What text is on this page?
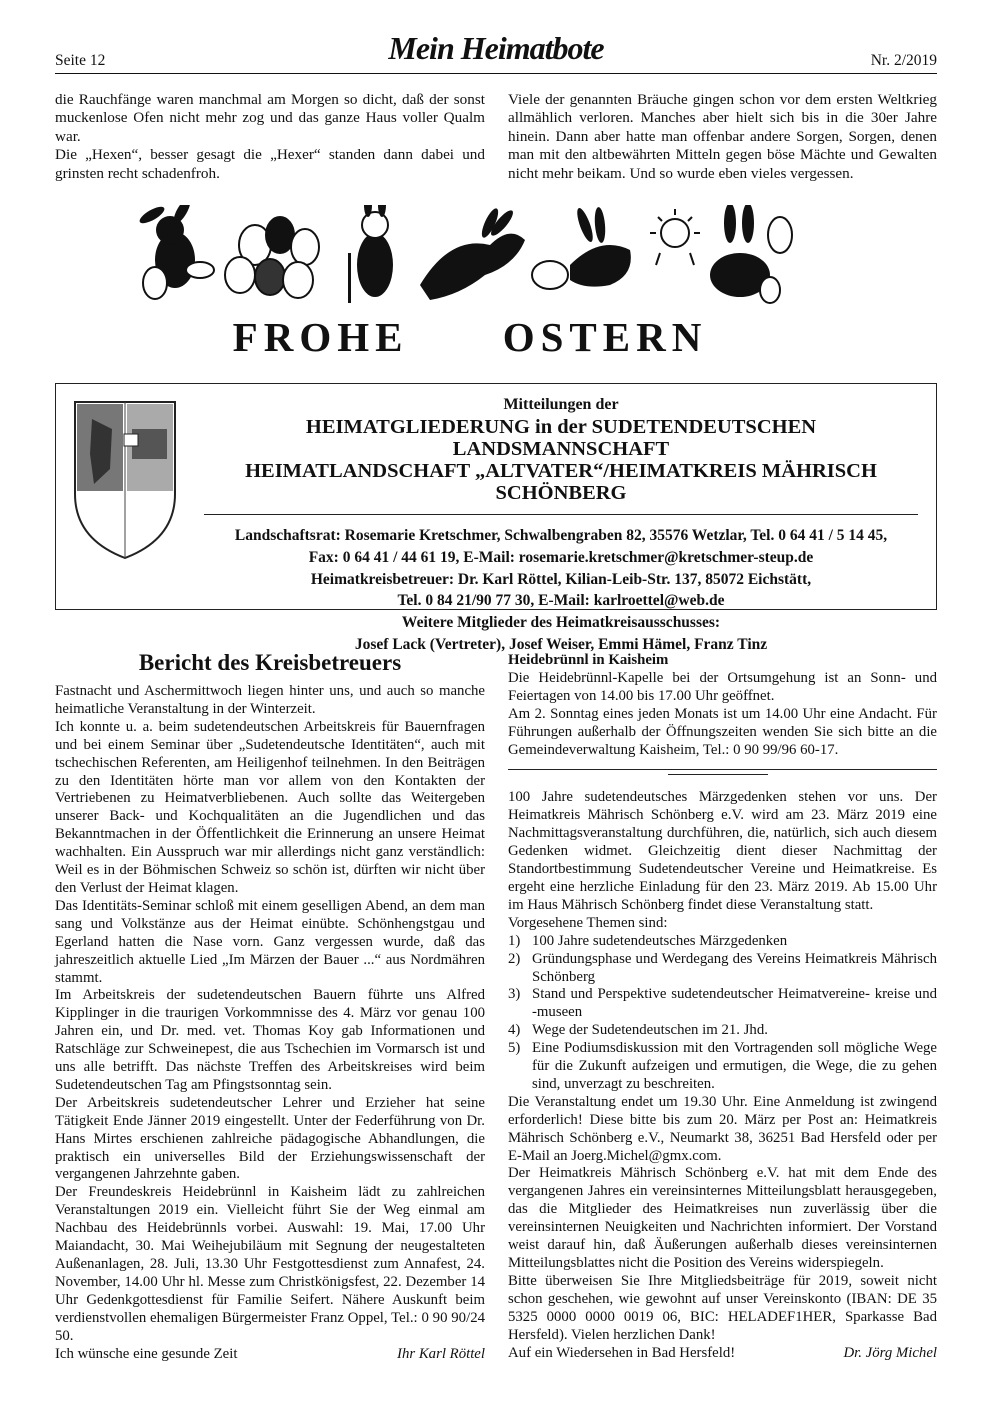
Seite 12	Mein Heimatbote	Nr. 2/2019

die Rauchfänge waren manchmal am Morgen so dicht, daß der sonst muckenlose Ofen nicht mehr zog und das ganze Haus voller Qualm war.

Die „Hexen“, besser gesagt die „Hexer“ standen dann dabei und grinsten recht schadenfroh.

Viele der genannten Bräuche gingen schon vor dem ersten Weltkrieg allmählich verloren. Manches aber hielt sich bis in die 30er Jahre hinein. Dann aber hatte man offenbar andere Sorgen, Sorgen, denen man mit den altbewährten Mitteln gegen böse Mächte und Gewalten nicht mehr beikam. Und so wurde eben vieles vergessen.

FROHE OSTERN
Mitteilungen der
HEIMATGLIEDERUNG in der SUDETENDEUTSCHEN LANDSMANNSCHAFT
HEIMATLANDSCHAFT „ALTVATER“/HEIMATKREIS MÄHRISCH SCHÖNBERG
Landschaftsrat: Rosemarie Kretschmer, Schwalbengraben 82, 35576 Wetzlar, Tel. 0 64 41 / 5 14 45,
Fax: 0 64 41 / 44 61 19, E-Mail: rosemarie.kretschmer@kretschmer-steup.de
Heimatkreisbetreuer: Dr. Karl Röttel, Kilian-Leib-Str. 137, 85072 Eichstätt,
Tel. 0 84 21/90 77 30, E-Mail: karlroettel@web.de
Weitere Mitglieder des Heimatkreisausschusses:
Josef Lack (Vertreter), Josef Weiser, Emmi Hämel, Franz Tinz
Bericht des Kreisbetreuers

Fastnacht und Aschermittwoch liegen hinter uns, und auch so manche heimatliche Veranstaltung in der Winterzeit.

Ich konnte u. a. beim sudetendeutschen Arbeitskreis für Bauernfragen und bei einem Seminar über „Sudetendeutsche Identitäten“, auch mit tschechischen Referenten, am Heiligenhof teilnehmen. In den Beiträgen zu den Identitäten hörte man vor allem von den Kontakten der Vertriebenen zu Heimatverbliebenen. Auch sollte das Weitergeben unserer Back- und Kochqualitäten an die Jugendlichen und das Bekanntmachen in der Öffentlichkeit die Erinnerung an unsere Heimat wachhalten. Ein Ausspruch war mir allerdings nicht ganz verständlich: Weil es in der Böhmischen Schweiz so schön ist, dürften wir nicht über den Verlust der Heimat klagen.

Das Identitäts-Seminar schloß mit einem geselligen Abend, an dem man sang und Volkstänze aus der Heimat einübte. Schönhengstgau und Egerland hatten die Nase vorn. Ganz vergessen wurde, daß das jahreszeitlich aktuelle Lied „Im Märzen der Bauer ...“ aus Nordmähren stammt.

Im Arbeitskreis der sudetendeutschen Bauern führte uns Alfred Kipplinger in die traurigen Vorkommnisse des 4. März vor genau 100 Jahren ein, und Dr. med. vet. Thomas Koy gab Informationen und Ratschläge zur Schweinepest, die aus Tschechien im Vormarsch ist und uns alle betrifft. Das nächste Treffen des Arbeitskreises wird beim Sudetendeutschen Tag am Pfingstsonntag sein.

Der Arbeitskreis sudetendeutscher Lehrer und Erzieher hat seine Tätigkeit Ende Jänner 2019 eingestellt. Unter der Federführung von Dr. Hans Mirtes erschienen zahlreiche pädagogische Abhandlungen, die praktisch ein universelles Bild der Erziehungswissenschaft der vergangenen Jahrzehnte gaben.

Der Freundeskreis Heidebrünnl in Kaisheim lädt zu zahlreichen Veranstaltungen 2019 ein. Vielleicht führt Sie der Weg einmal am Nachbau des Heidebrünnls vorbei. Auswahl: 19. Mai, 17.00 Uhr Maiandacht, 30. Mai Weihejubiläum mit Segnung der neugestalteten Außenanlagen, 28. Juli, 13.30 Uhr Festgottesdienst zum Annafest, 24. November, 14.00 Uhr hl. Messe zum Christkönigsfest, 22. Dezember 14 Uhr Gedenkgottesdienst für Familie Seifert. Nähere Auskunft beim verdienstvollen ehemaligen Bürgermeister Franz Oppel, Tel.: 0 90 90/24 50.

Ich wünsche eine gesunde Zeit	Ihr Karl Röttel

Heidebrünnl in Kaisheim

Die Heidebrünnl-Kapelle bei der Ortsumgehung ist an Sonn- und Feiertagen von 14.00 bis 17.00 Uhr geöffnet.

Am 2. Sonntag eines jeden Monats ist um 14.00 Uhr eine Andacht. Für Führungen außerhalb der Öffnungszeiten wenden Sie sich bitte an die Gemeindeverwaltung Kaisheim, Tel.: 0 90 99/96 60-17.

100 Jahre sudetendeutsches Märzgedenken stehen vor uns. Der Heimatkreis Mährisch Schönberg e.V. wird am 23. März 2019 eine Nachmittagsveranstaltung durchführen, die, natürlich, sich auch diesem Gedenken widmet. Gleichzeitig dient dieser Nachmittag der Standortbestimmung Sudetendeutscher Vereine und Heimatkreise. Es ergeht eine herzliche Einladung für den 23. März 2019. Ab 15.00 Uhr im Haus Mährisch Schönberg findet diese Veranstaltung statt.

Vorgesehene Themen sind:

1) 100 Jahre sudetendeutsches Märzgedenken
2) Gründungsphase und Werdegang des Vereins Heimatkreis Mährisch Schönberg
3) Stand und Perspektive sudetendeutscher Heimatvereine- kreise und -museen
4) Wege der Sudetendeutschen im 21. Jhd.
5) Eine Podiumsdiskussion mit den Vortragenden soll mögliche Wege für die Zukunft aufzeigen und ermutigen, die Wege, die zu gehen sind, unverzagt zu beschreiten.

Die Veranstaltung endet um 19.30 Uhr. Eine Anmeldung ist zwingend erforderlich! Diese bitte bis zum 20. März per Post an: Heimatkreis Mährisch Schönberg e.V., Neumarkt 38, 36251 Bad Hersfeld oder per E-Mail an Joerg.Michel@gmx.com.

Der Heimatkreis Mährisch Schönberg e.V. hat mit dem Ende des vergangenen Jahres ein vereinsinternes Mitteilungsblatt herausgegeben, das die Mitglieder des Heimatkreises nun zuverlässig über die vereinsinternen Neuigkeiten und Nachrichten informiert. Der Vorstand weist darauf hin, daß Äußerungen außerhalb dieses vereinsinternen Mitteilungsblattes nicht die Position des Vereins widerspiegeln.

Bitte überweisen Sie Ihre Mitgliedsbeiträge für 2019, soweit nicht schon geschehen, wie gewohnt auf unser Vereinskonto (IBAN: DE 35 5325 0000 0000 0019 06, BIC: HELADEF1HER, Sparkasse Bad Hersfeld). Vielen herzlichen Dank!

Auf ein Wiedersehen in Bad Hersfeld!	Dr. Jörg Michel
